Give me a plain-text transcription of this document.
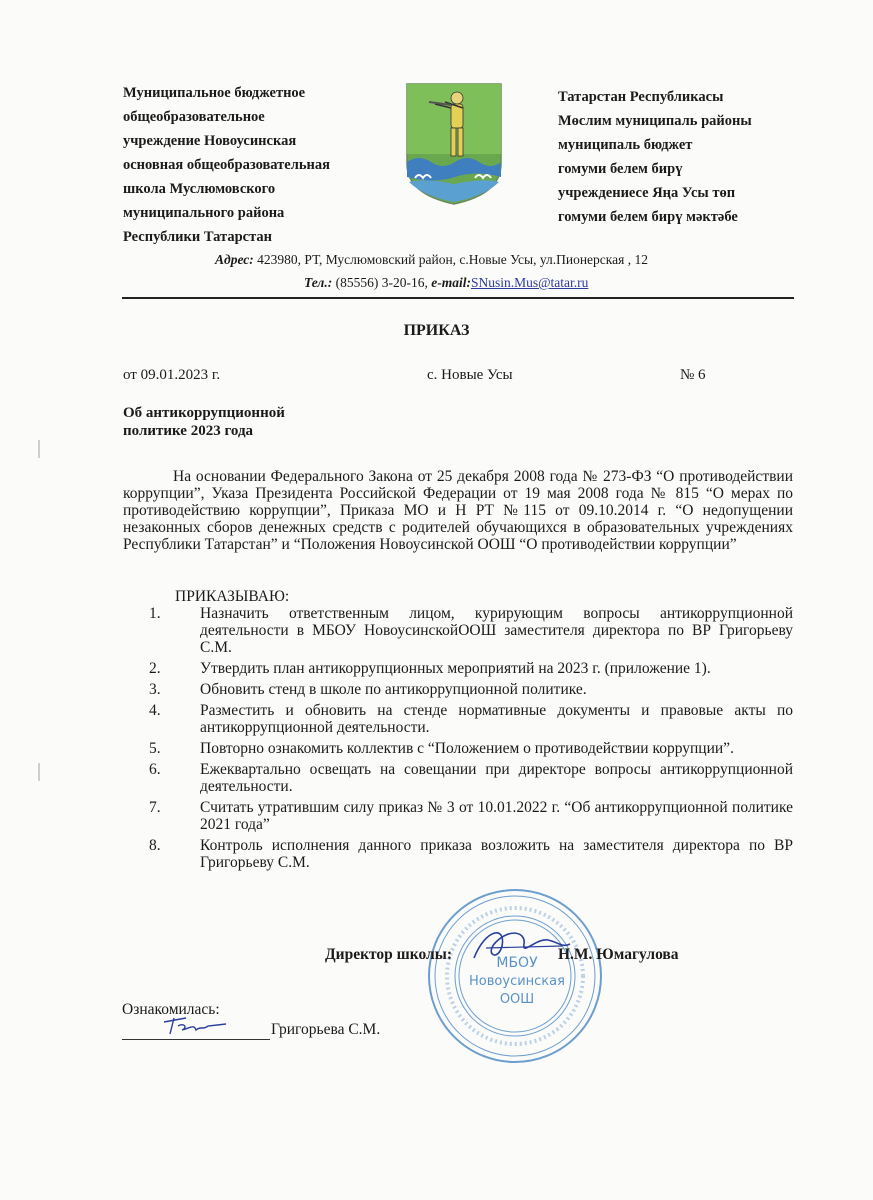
Муниципальное бюджетное
общеобразовательное
учреждение Новоусинская
основная общеобразовательная
школа Муслюмовского
муниципального района
Республики Татарстан
Татарстан Республикасы
Мөслим муниципаль районы
муниципаль бюджет
гомуми белем бирү
учреждениесе Яңа Усы төп
гомуми белем бирү мәктәбе
Адрес: 423980, РТ, Муслюмовский район, с.Новые Усы, ул.Пионерская , 12
Тел.: (85556) 3-20-16, e-mail:SNusin.Mus@tatar.ru
ПРИКАЗ
от 09.01.2023 г.	с. Новые Усы	№ 6
Об антикоррупционной
политике 2023 года
На основании Федерального Закона от 25 декабря 2008 года № 273-ФЗ “О противодействии коррупции”, Указа Президента Российской Федерации от 19 мая 2008 года № 815 “О мерах по противодействию коррупции”, Приказа МО и Н РТ №115 от 09.10.2014 г. “О недопущении незаконных сборов денежных средств с родителей обучающихся в образовательных учреждениях Республики Татарстан” и “Положения Новоусинской ООШ “О противодействии коррупции”
ПРИКАЗЫВАЮ:
1.	Назначить ответственным лицом, курирующим вопросы антикоррупционной деятельности в МБОУ НовоусинскойООШ заместителя директора по ВР Григорьеву С.М.
2.	Утвердить план антикоррупционных мероприятий на 2023 г. (приложение 1).
3.	Обновить стенд в школе по антикоррупционной политике.
4.	Разместить и обновить на стенде нормативные документы и правовые акты по антикоррупционной деятельности.
5.	Повторно ознакомить коллектив с “Положением о противодействии коррупции”.
6.	Ежеквартально освещать на совещании при директоре вопросы антикоррупционной деятельности.
7.	Считать утратившим силу приказ № 3 от 10.01.2022 г. “Об антикоррупционной политике 2021 года”
8.	Контроль исполнения данного приказа возложить на заместителя директора по ВР Григорьеву С.М.
МБОУ
Новоусинская
ООШ
Директор школы:	Н.М. Юмагулова
Ознакомилась:
Григорьева С.М.
